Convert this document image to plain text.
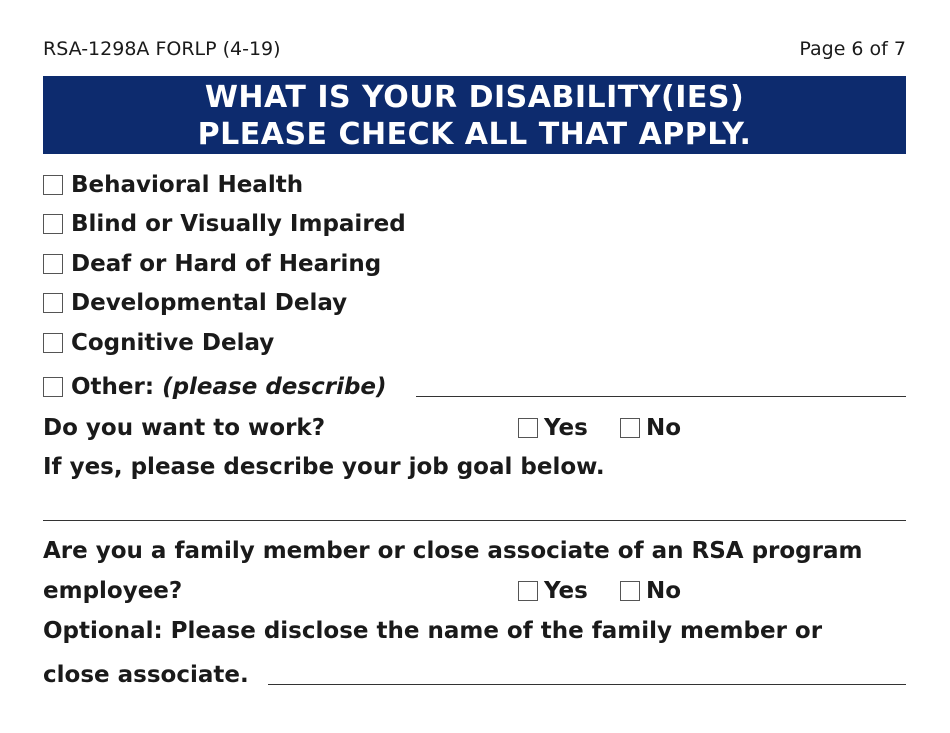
RSA-1298A FORLP (4-19)	Page 6 of 7
WHAT IS YOUR DISABILITY(IES)
PLEASE CHECK ALL THAT APPLY.
Behavioral Health
Blind or Visually Impaired
Deaf or Hard of Hearing
Developmental Delay
Cognitive Delay
Other: (please describe)
Do you want to work?	Yes	No
If yes, please describe your job goal below.
Are you a family member or close associate of an RSA program
employee?	Yes	No
Optional: Please disclose the name of the family member or
close associate.
